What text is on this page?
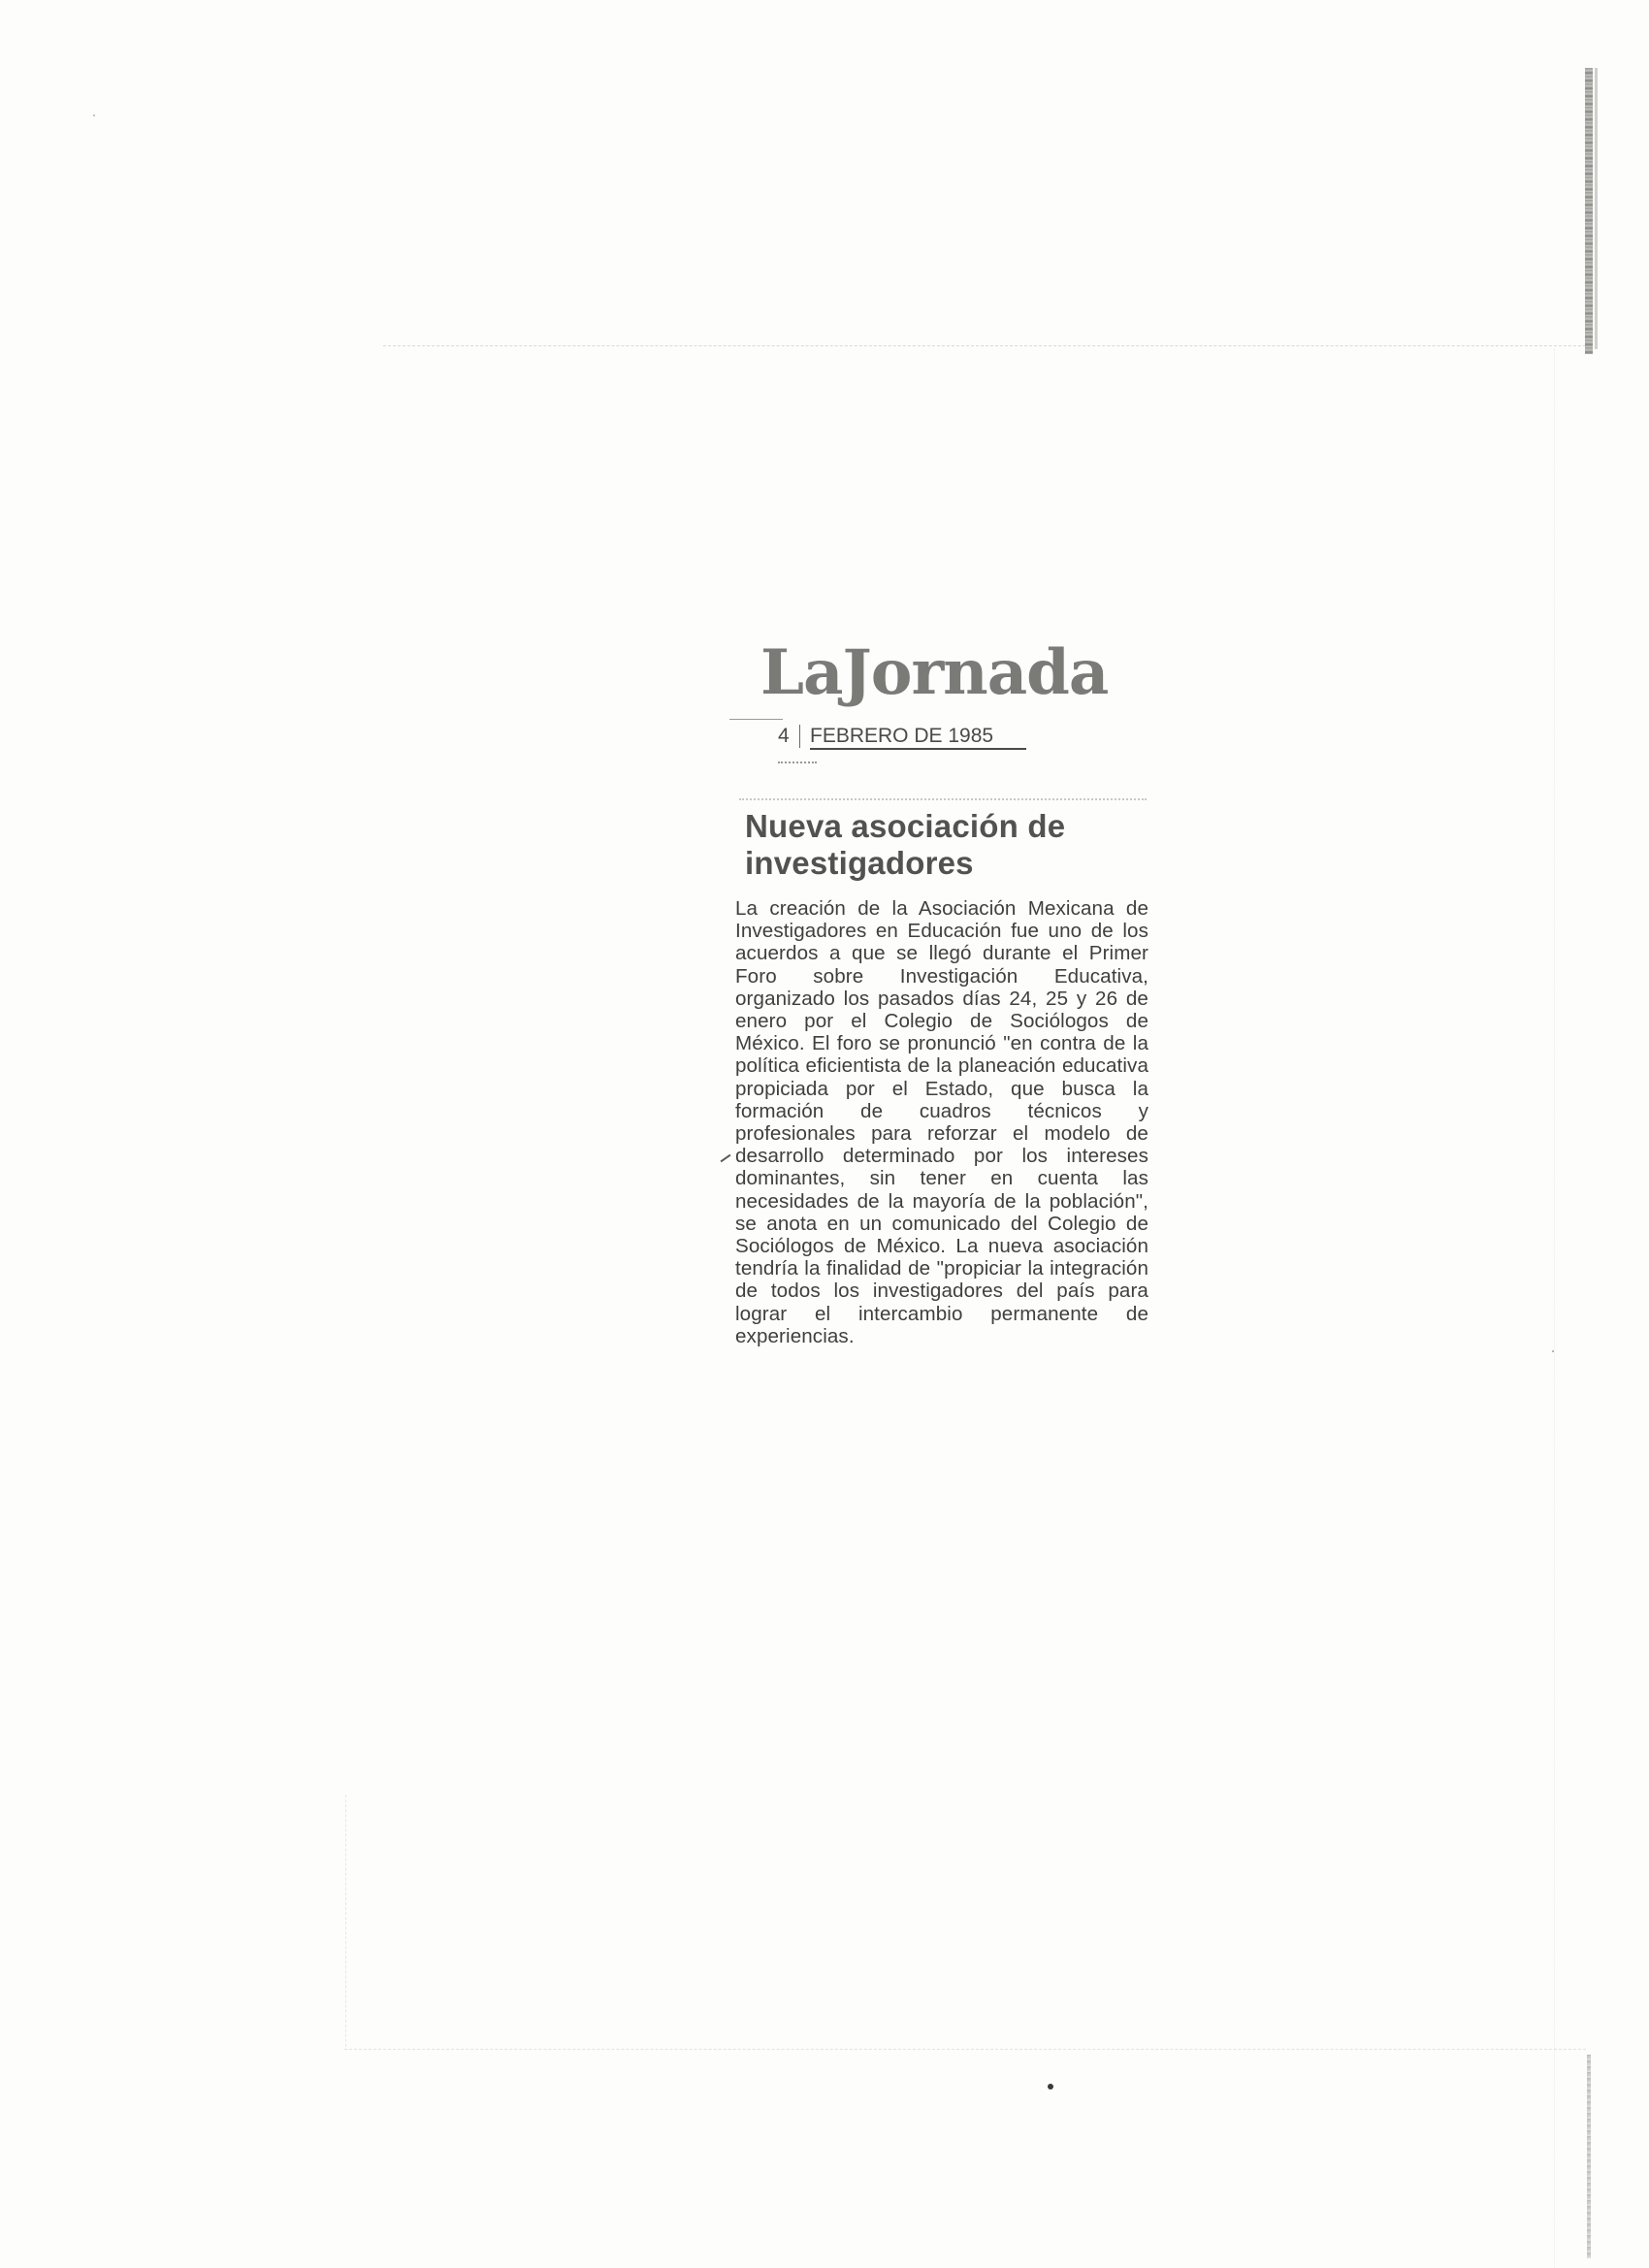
LaJornada
4 FEBRERO DE 1985
Nueva asociación de investigadores
La creación de la Asociación Mexicana de Investigadores en Educación fue uno de los acuerdos a que se llegó durante el Primer Foro sobre Investigación Educativa, organizado los pasados días 24, 25 y 26 de enero por el Colegio de Sociólogos de México. El foro se pronunció "en contra de la política eficientista de la planeación educativa propiciada por el Estado, que busca la formación de cuadros técnicos y profesionales para reforzar el modelo de desarrollo determinado por los intereses dominantes, sin tener en cuenta las necesidades de la mayoría de la población", se anota en un comunicado del Colegio de Sociólogos de México. La nueva asociación tendría la finalidad de "propiciar la integración de todos los investigadores del país para lograr el intercambio permanente de experiencias.
